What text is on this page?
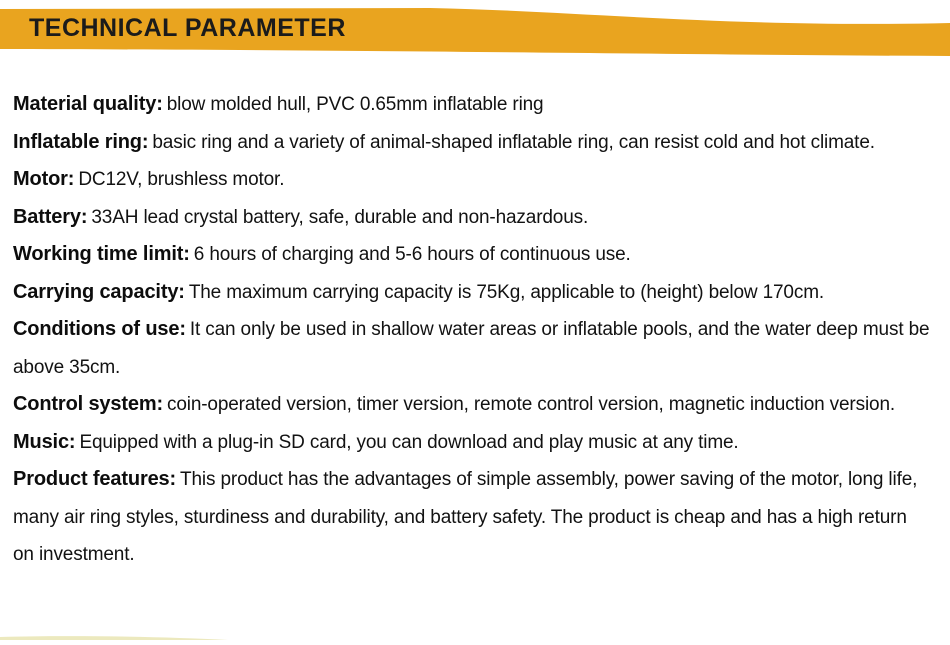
TECHNICAL PARAMETER

Material quality: blow molded hull, PVC 0.65mm inflatable ring

Inflatable ring: basic ring and a variety of animal-shaped inflatable ring, can resist cold and hot climate.

Motor: DC12V, brushless motor.

Battery: 33AH lead crystal battery, safe, durable and non-hazardous.

Working time limit: 6 hours of charging and 5-6 hours of continuous use.

Carrying capacity: The maximum carrying capacity is 75Kg, applicable to (height) below 170cm.

Conditions of use: It can only be used in shallow water areas or inflatable pools, and the water deep must be above 35cm.

Control system: coin-operated version, timer version, remote control version, magnetic induction version.

Music: Equipped with a plug-in SD card, you can download and play music at any time.

Product features: This product has the advantages of simple assembly, power saving of the motor, long life, many air ring styles, sturdiness and durability, and battery safety. The product is cheap and has a high return on investment.
